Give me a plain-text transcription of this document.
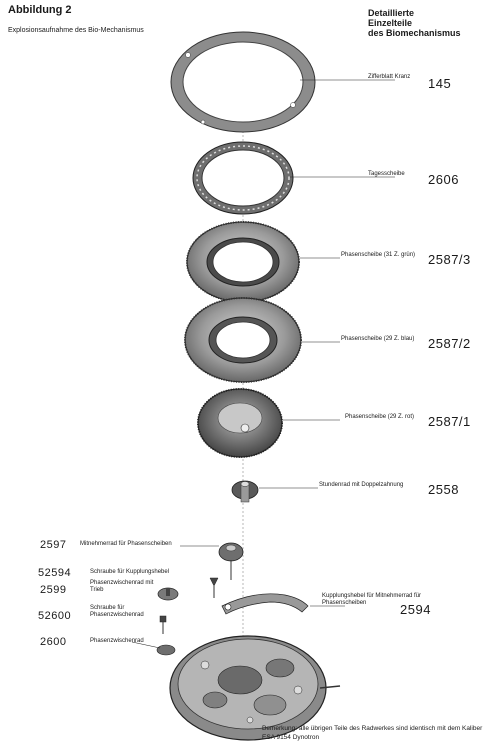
Abbildung 2
Explosionsaufnahme des Bio-Mechanismus
Detaillierte
Einzelteile
des Biomechanismus
Zifferblatt Kranz 145
Tagesscheibe 2606
Phasenscheibe (31 Z. grün) 2587/3
Phasenscheibe (29 Z. blau) 2587/2
Phasenscheibe (29 Z. rot) 2587/1
Stundenrad mit Doppelzahnung 2558
2597 Mitnehmerrad für Phasenscheiben
52594	Schraube für Kupplungshebel
2599
Phasenzwischenrad mit Trieb
52600
Schraube für Phasenzwischenrad
2600	Phasenzwischenrad
Kupplungshebel für Mitnehmerrad für Phasenscheiben	2594
Bemerkung: alle übrigen Teile des Radwerkes sind identisch mit dem Kaliber ESA 9154 Dynotron
